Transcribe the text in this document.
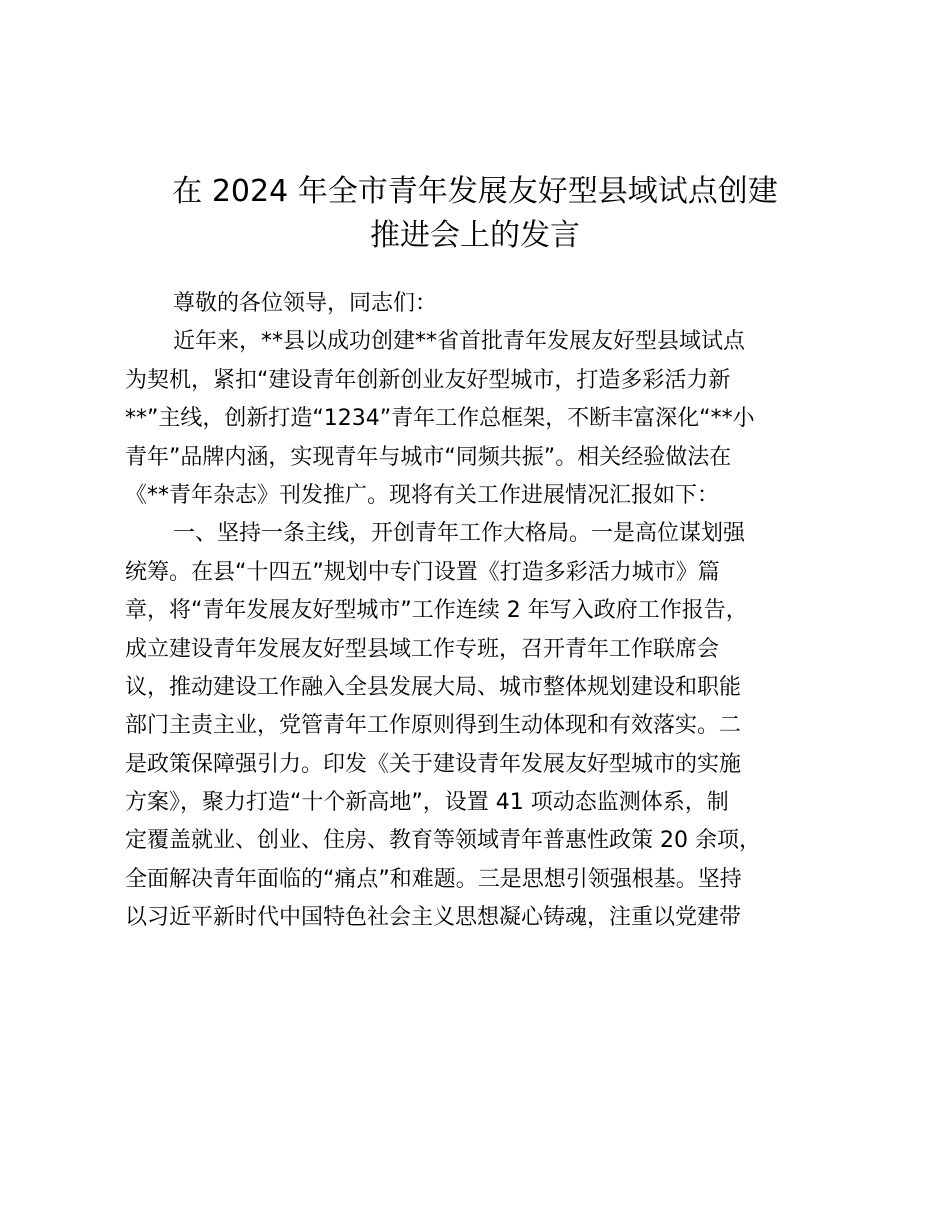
在 2024 年全市青年发展友好型县域试点创建
推进会上的发言
尊敬的各位领导，同志们：
近年来，**县以成功创建**省首批青年发展友好型县域试点
为契机，紧扣“建设青年创新创业友好型城市，打造多彩活力新
**”主线，创新打造“1234”青年工作总框架，不断丰富深化“**小
青年”品牌内涵，实现青年与城市“同频共振”。相关经验做法在
《**青年杂志》刊发推广。现将有关工作进展情况汇报如下：
一、坚持一条主线，开创青年工作大格局。一是高位谋划强
统筹。在县“十四五”规划中专门设置《打造多彩活力城市》篇
章，将“青年发展友好型城市”工作连续 2 年写入政府工作报告，
成立建设青年发展友好型县域工作专班，召开青年工作联席会
议，推动建设工作融入全县发展大局、城市整体规划建设和职能
部门主责主业，党管青年工作原则得到生动体现和有效落实。二
是政策保障强引力。印发《关于建设青年发展友好型城市的实施
方案》，聚力打造“十个新高地”，设置 41 项动态监测体系，制
定覆盖就业、创业、住房、教育等领域青年普惠性政策 20 余项，
全面解决青年面临的“痛点”和难题。三是思想引领强根基。坚持
以习近平新时代中国特色社会主义思想凝心铸魂，注重以党建带
